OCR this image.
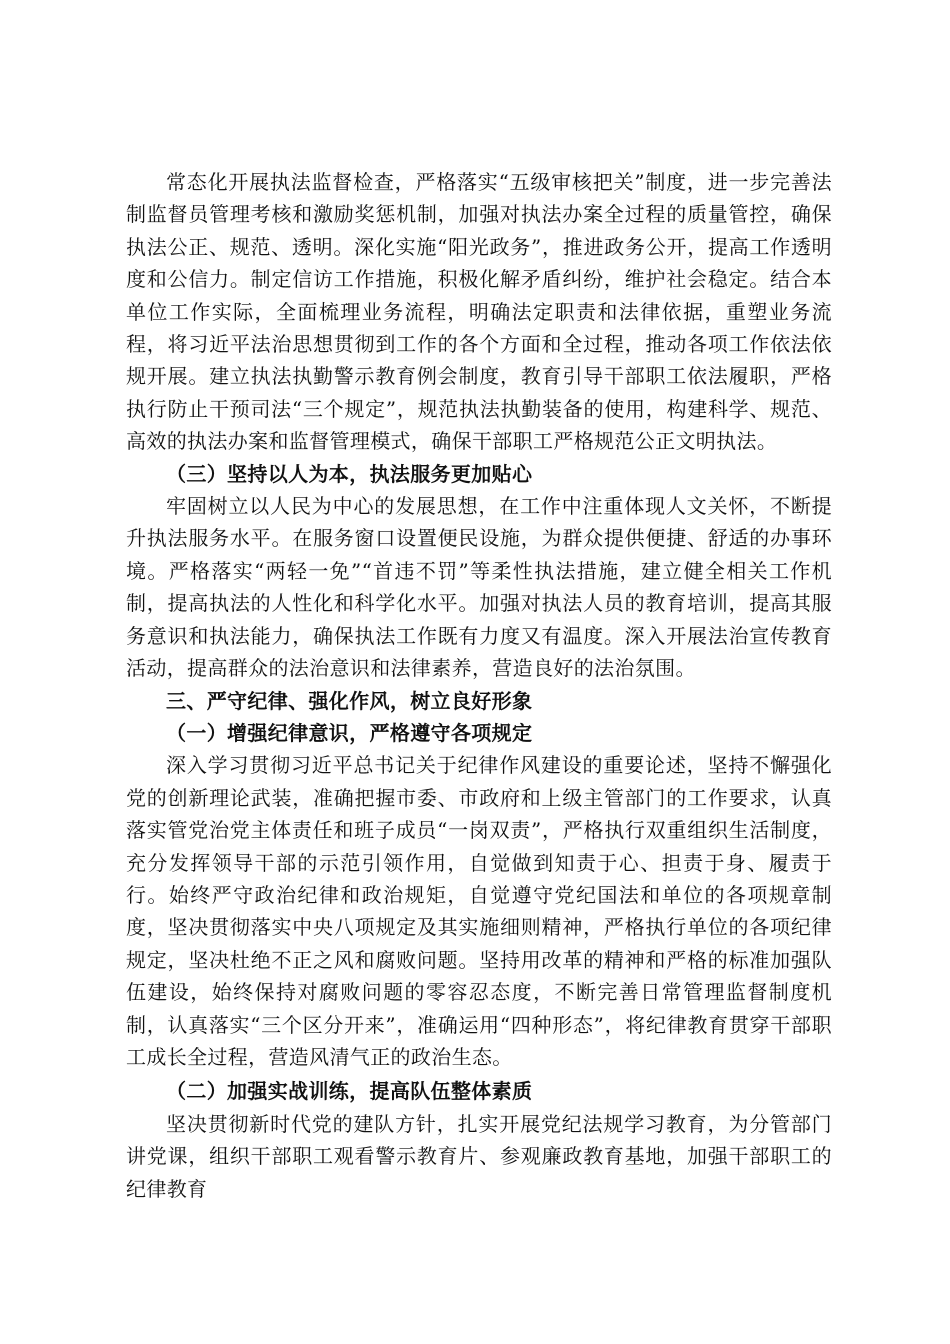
常态化开展执法监督检查，严格落实“五级审核把关”制度，进一步完善法制监督员管理考核和激励奖惩机制，加强对执法办案全过程的质量管控，确保执法公正、规范、透明。深化实施“阳光政务”，推进政务公开，提高工作透明度和公信力。制定信访工作措施，积极化解矛盾纠纷，维护社会稳定。结合本单位工作实际，全面梳理业务流程，明确法定职责和法律依据，重塑业务流程，将习近平法治思想贯彻到工作的各个方面和全过程，推动各项工作依法依规开展。建立执法执勤警示教育例会制度，教育引导干部职工依法履职，严格执行防止干预司法“三个规定”，规范执法执勤装备的使用，构建科学、规范、高效的执法办案和监督管理模式，确保干部职工严格规范公正文明执法。

（三）坚持以人为本，执法服务更加贴心

牢固树立以人民为中心的发展思想，在工作中注重体现人文关怀，不断提升执法服务水平。在服务窗口设置便民设施，为群众提供便捷、舒适的办事环境。严格落实“两轻一免”“首违不罚”等柔性执法措施，建立健全相关工作机制，提高执法的人性化和科学化水平。加强对执法人员的教育培训，提高其服务意识和执法能力，确保执法工作既有力度又有温度。深入开展法治宣传教育活动，提高群众的法治意识和法律素养，营造良好的法治氛围。

三、严守纪律、强化作风，树立良好形象

（一）增强纪律意识，严格遵守各项规定

深入学习贯彻习近平总书记关于纪律作风建设的重要论述，坚持不懈强化党的创新理论武装，准确把握市委、市政府和上级主管部门的工作要求，认真落实管党治党主体责任和班子成员“一岗双责”，严格执行双重组织生活制度，充分发挥领导干部的示范引领作用，自觉做到知责于心、担责于身、履责于行。始终严守政治纪律和政治规矩，自觉遵守党纪国法和单位的各项规章制度，坚决贯彻落实中央八项规定及其实施细则精神，严格执行单位的各项纪律规定，坚决杜绝不正之风和腐败问题。坚持用改革的精神和严格的标准加强队伍建设，始终保持对腐败问题的零容忍态度，不断完善日常管理监督制度机制，认真落实“三个区分开来”，准确运用“四种形态”，将纪律教育贯穿干部职工成长全过程，营造风清气正的政治生态。

（二）加强实战训练，提高队伍整体素质

坚决贯彻新时代党的建队方针，扎实开展党纪法规学习教育，为分管部门讲党课，组织干部职工观看警示教育片、参观廉政教育基地，加强干部职工的纪律教育
